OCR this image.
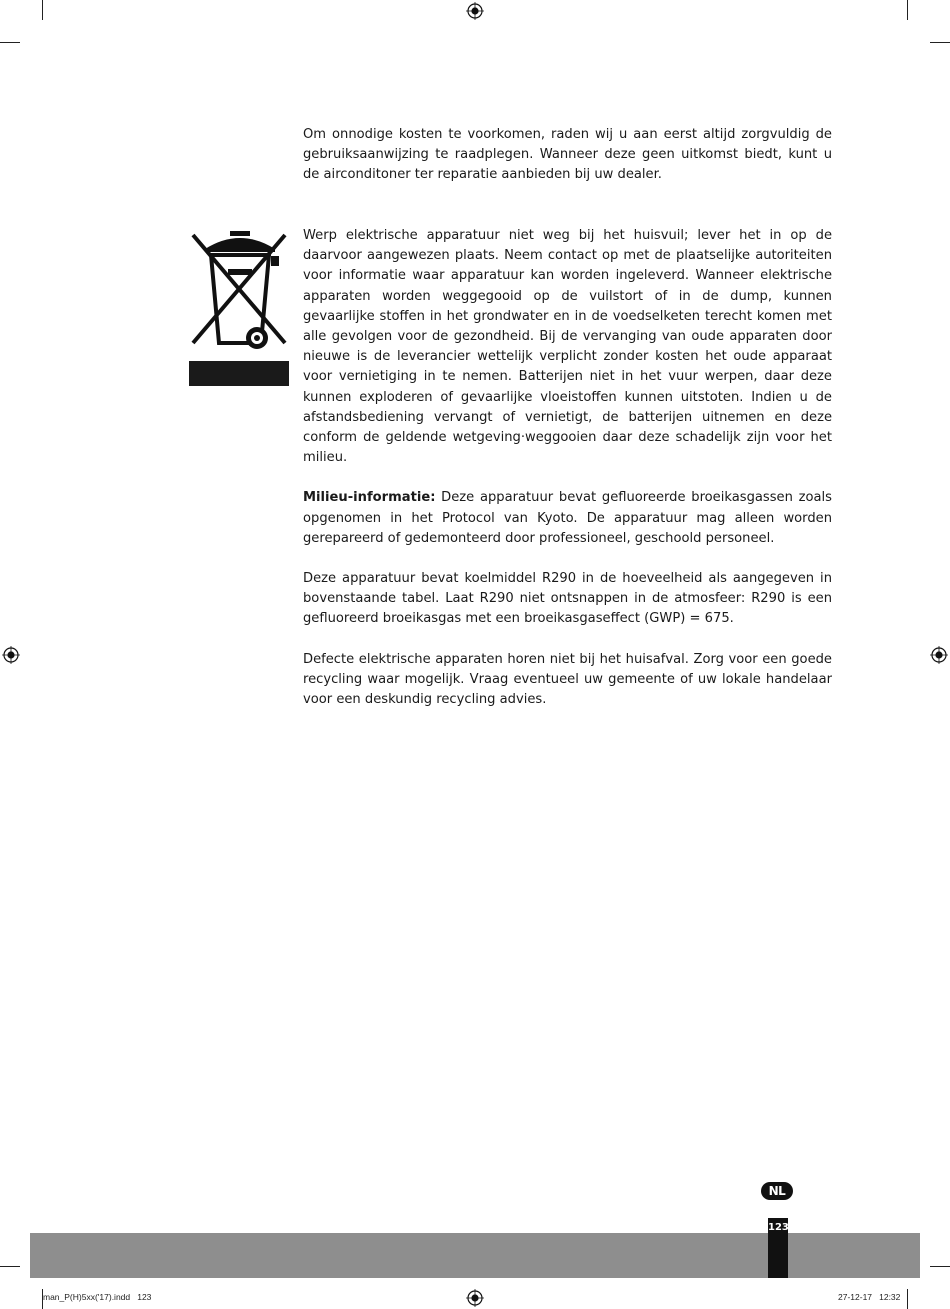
Om onnodige kosten te voorkomen, raden wij u aan eerst altijd zorgvuldig de gebruiksaanwijzing te raadplegen. Wanneer deze geen uitkomst biedt, kunt u de airconditoner ter reparatie aanbieden bij uw dealer.

Werp elektrische apparatuur niet weg bij het huisvuil; lever het in op de daarvoor aangewezen plaats. Neem contact op met de plaatselijke autoriteiten voor informatie waar apparatuur kan worden ingeleverd. Wanneer elektrische apparaten worden weggegooid op de vuilstort of in de dump, kunnen gevaarlijke stoffen in het grondwater en in de voedselketen terecht komen met alle gevolgen voor de gezondheid. Bij de vervanging van oude apparaten door nieuwe is de leverancier wettelijk verplicht zonder kosten het oude apparaat voor vernietiging in te nemen. Batterijen niet in het vuur werpen, daar deze kunnen exploderen of gevaarlijke vloeistoffen kunnen uitstoten. Indien u de afstandsbediening vervangt of vernietigt, de batterijen uitnemen en deze conform de geldende wetgeving·weggooien daar deze schadelijk zijn voor het milieu.

Milieu-informatie: Deze apparatuur bevat gefluoreerde broeikasgassen zoals opgenomen in het Protocol van Kyoto. De apparatuur mag alleen worden gerepareerd of gedemonteerd door professioneel, geschoold personeel.

Deze apparatuur bevat koelmiddel R290 in de hoeveelheid als aangegeven in bovenstaande tabel. Laat R290 niet ontsnappen in de atmosfeer: R290 is een gefluoreerd broeikasgas met een broeikasgaseffect (GWP) = 675.

Defecte elektrische apparaten horen niet bij het huisafval. Zorg voor een goede recycling waar mogelijk. Vraag eventueel uw gemeente of uw lokale handelaar voor een deskundig recycling advies.

NL
123
man_P(H)5xx('17).indd   123	27-12-17   12:32
